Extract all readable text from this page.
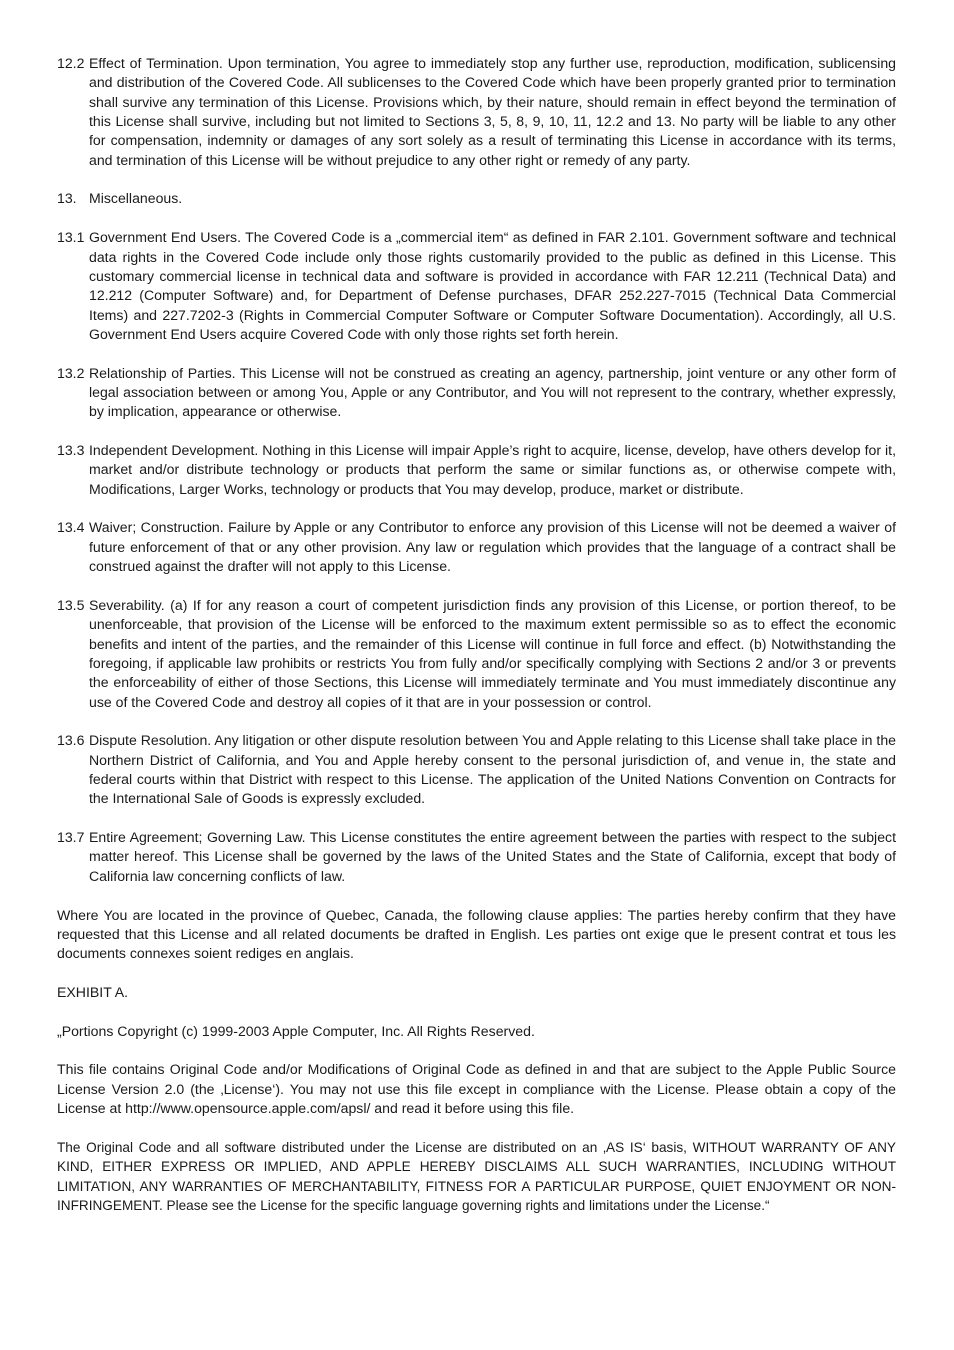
12.2 Effect of Termination. Upon termination, You agree to immediately stop any further use, reproduction, modification, sublicensing and distribution of the Covered Code. All sublicenses to the Covered Code which have been properly granted prior to termination shall survive any termination of this License. Provisions which, by their nature, should remain in effect beyond the termination of this License shall survive, including but not limited to Sections 3, 5, 8, 9, 10, 11, 12.2 and 13. No party will be liable to any other for compensation, indemnity or damages of any sort solely as a result of terminating this License in accordance with its terms, and termination of this License will be without prejudice to any other right or remedy of any party.
13. Miscellaneous.
13.1 Government End Users. The Covered Code is a „commercial item“ as defined in FAR 2.101. Government software and technical data rights in the Covered Code include only those rights customarily provided to the public as defined in this License. This customary commercial license in technical data and software is provided in accordance with FAR 12.211 (Technical Data) and 12.212 (Computer Software) and, for Department of Defense purchases, DFAR 252.227-7015 (Technical Data Commercial Items) and 227.7202-3 (Rights in Commercial Computer Software or Computer Software Documentation). Accordingly, all U.S. Government End Users acquire Covered Code with only those rights set forth herein.
13.2 Relationship of Parties. This License will not be construed as creating an agency, partnership, joint venture or any other form of legal association between or among You, Apple or any Contributor, and You will not represent to the contrary, whether expressly, by implication, appearance or otherwise.
13.3 Independent Development. Nothing in this License will impair Apple’s right to acquire, license, develop, have others develop for it, market and/or distribute technology or products that perform the same or similar functions as, or otherwise compete with, Modifications, Larger Works, technology or products that You may develop, produce, market or distribute.
13.4 Waiver; Construction. Failure by Apple or any Contributor to enforce any provision of this License will not be deemed a waiver of future enforcement of that or any other provision. Any law or regulation which provides that the language of a contract shall be construed against the drafter will not apply to this License.
13.5 Severability. (a) If for any reason a court of competent jurisdiction finds any provision of this License, or portion thereof, to be unenforceable, that provision of the License will be enforced to the maximum extent permissible so as to effect the economic benefits and intent of the parties, and the remainder of this License will continue in full force and effect. (b) Notwithstanding the foregoing, if applicable law prohibits or restricts You from fully and/or specifically complying with Sections 2 and/or 3 or prevents the enforceability of either of those Sections, this License will immediately terminate and You must immediately discontinue any use of the Covered Code and destroy all copies of it that are in your possession or control.
13.6 Dispute Resolution. Any litigation or other dispute resolution between You and Apple relating to this License shall take place in the Northern District of California, and You and Apple hereby consent to the personal jurisdiction of, and venue in, the state and federal courts within that District with respect to this License. The application of the United Nations Convention on Contracts for the International Sale of Goods is expressly excluded.
13.7 Entire Agreement; Governing Law. This License constitutes the entire agreement between the parties with respect to the subject matter hereof. This License shall be governed by the laws of the United States and the State of California, except that body of California law concerning conflicts of law.

Where You are located in the province of Quebec, Canada, the following clause applies: The parties hereby confirm that they have requested that this License and all related documents be drafted in English. Les parties ont exige que le present contrat et tous les documents connexes soient rediges en anglais.

EXHIBIT A.

„Portions Copyright (c) 1999-2003 Apple Computer, Inc. All Rights Reserved.

This file contains Original Code and/or Modifications of Original Code as defined in and that are subject to the Apple Public Source License Version 2.0 (the ‚License‘). You may not use this file except in compliance with the License. Please obtain a copy of the License at http://www.opensource.apple.com/apsl/ and read it before using this file.

The Original Code and all software distributed under the License are distributed on an ‚AS IS‘ basis, WITHOUT WARRANTY OF ANY KIND, EITHER EXPRESS OR IMPLIED, AND APPLE HEREBY DISCLAIMS ALL SUCH WARRANTIES, INCLUDING WITHOUT LIMITATION, ANY WARRANTIES OF MERCHANTABILITY, FITNESS FOR A PARTICULAR PURPOSE, QUIET ENJOYMENT OR NON-INFRINGEMENT. Please see the License for the specific language governing rights and limitations under the License.“
